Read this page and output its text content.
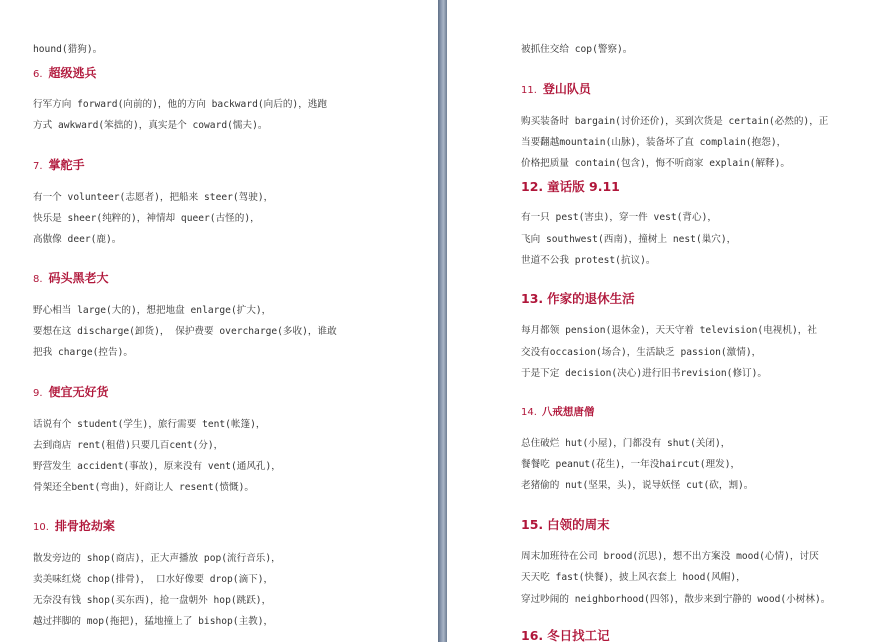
hound(猎狗)。
6. 超级逃兵
行军方向 forward(向前的)，他的方向 backward(向后的)，逃跑
方式 awkward(笨拙的)，真实是个 coward(懦夫)。
7. 掌舵手
有一个 volunteer(志愿者)，把船来 steer(驾驶)，
快乐是 sheer(纯粹的)，神情却 queer(古怪的)，
高傲像 deer(鹿)。
8. 码头黑老大
野心相当 large(大的)，想把地盘 enlarge(扩大)，
要想在这 discharge(卸货)， 保护费要 overcharge(多收)，谁敢
把我 charge(控告)。
9. 便宜无好货
话说有个 student(学生)，旅行需要 tent(帐篷)，
去到商店 rent(租借)只要几百cent(分)，
野营发生 accident(事故)，原来没有 vent(通风孔)，
骨架还全bent(弯曲)，奸商让人 resent(愤慨)。
10. 排骨抢劫案
散发旁边的 shop(商店)，正大声播放 pop(流行音乐)，
卖美味红烧 chop(排骨)， 口水好像要 drop(滴下)，
无奈没有钱 shop(买东西)，抢一盘朝外 hop(跳跃)，
越过拌脚的 mop(拖把)，猛地撞上了 bishop(主教)，
被抓住交给 cop(警察)。
11. 登山队员
购买装备时 bargain(讨价还价)，买到次货是 certain(必然的)，正
当要翻越mountain(山脉)，装备坏了直 complain(抱怨)，
价格把质量 contain(包含)，悔不听商家 explain(解释)。
12. 童话版 9.11
有一只 pest(害虫)，穿一件 vest(背心)，
飞向 southwest(西南)，撞树上 nest(巢穴)，
世道不公我 protest(抗议)。
13. 作家的退休生活
每月都领 pension(退休金)，天天守着 television(电视机)，社
交没有occasion(场合)，生活缺乏 passion(激情)，
于是下定 decision(决心)进行旧书revision(修订)。
14. 八戒想唐僧
总住破烂 hut(小屋)，门都没有 shut(关闭)，
餐餐吃 peanut(花生)，一年没haircut(理发)，
老猪偷的 nut(坚果，头)，说导妖怪 cut(砍，割)。
15. 白领的周末
周末加班待在公司 brood(沉思)，想不出方案没 mood(心情)，讨厌
天天吃 fast(快餐)，披上风衣套上 hood(风帽)，
穿过吵闹的 neighborhood(四邻)，散步来到宁静的 wood(小树林)。
16. 冬日找工记
